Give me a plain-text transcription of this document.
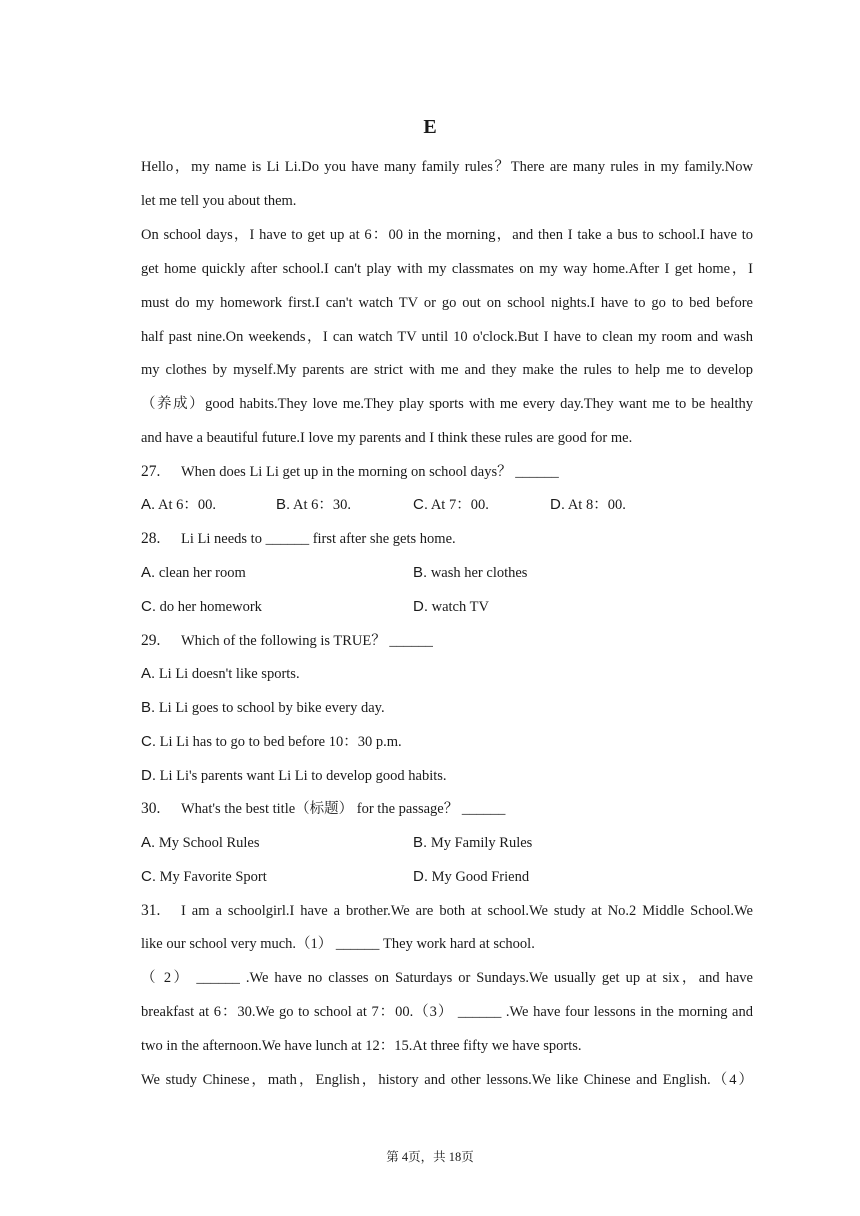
E
Hello，my name is Li Li.Do you have many family rules？There are many rules in my family.Now
let me tell you about them.
On school days，I have to get up at 6：00 in the morning，and then I take a bus to school.I have to
get home quickly after school.I can't play with my classmates on my way home.After I get home，I
must do my homework first.I can't watch TV or go out on school nights.I have to go to bed before
half past nine.On weekends，I can watch TV until 10 o'clock.But I have to clean my room and wash
my clothes by myself.My parents are strict with me and they make the rules to help me to develop
（养成）good habits.They love me.They play sports with me every day.They want me to be healthy
and have a beautiful future.I love my parents and I think these rules are good for me.
27. When does Li Li get up in the morning on school days？ ______
A. At 6：00.	B. At 6：30.	C. At 7：00.	D. At 8：00.
28. Li Li needs to ______ first after she gets home.
A. clean her room	B. wash her clothes
C. do her homework	D. watch TV
29. Which of the following is TRUE？ ______
A. Li Li doesn't like sports.
B. Li Li goes to school by bike every day.
C. Li Li has to go to bed before 10：30 p.m.
D. Li Li's parents want Li Li to develop good habits.
30. What's the best title（标题） for the passage？ ______
A. My School Rules	B. My Family Rules
C. My Favorite Sport	D. My Good Friend
31. I am a schoolgirl.I have a brother.We are both at school.We study at No.2 Middle School.We
like our school very much.（1） ______ They work hard at school.
（ 2） ______ .We have no classes on Saturdays or Sundays.We usually get up at six，and have
breakfast at 6：30.We go to school at 7：00.（3） ______ .We have four lessons in the morning and
two in the afternoon.We have lunch at 12：15.At three fifty we have sports.
We study Chinese，math，English，history and other lessons.We like Chinese and English.（4）
第 4页，共 18页
